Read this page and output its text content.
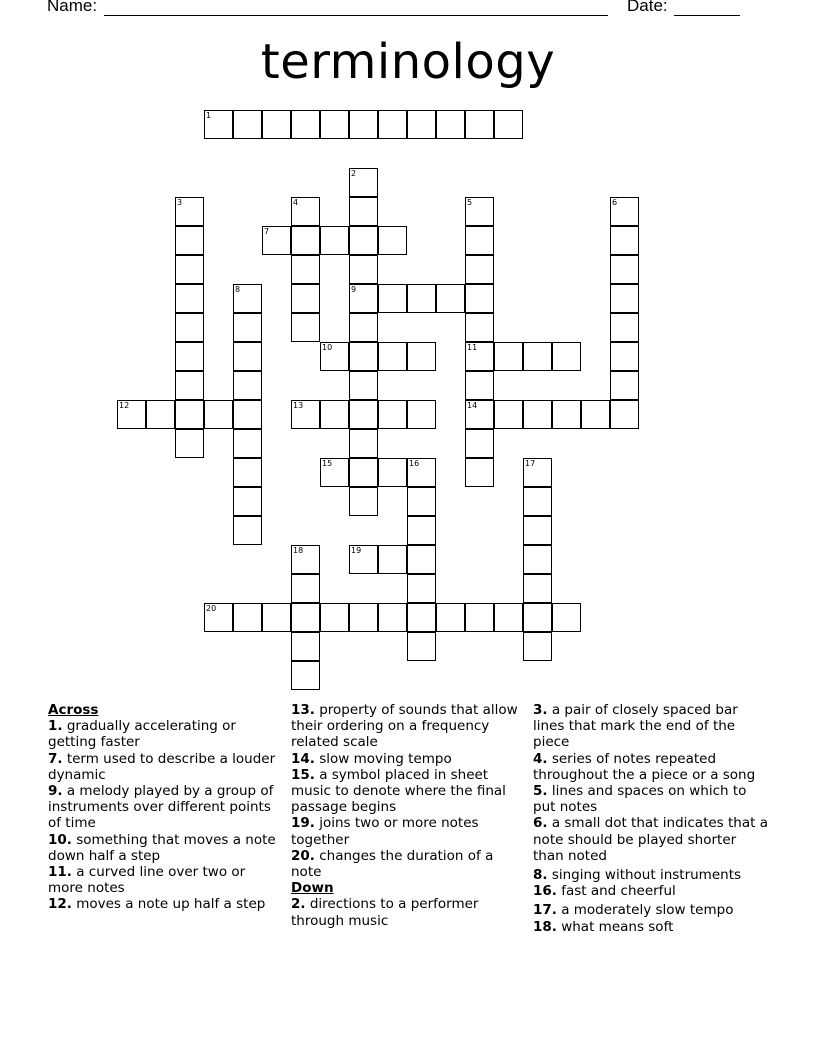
Name:	Date:
terminology
1
2
3	4	5	6
7
8	9
10	11
12	13	14
15	16	17
18	19
20
Across
1. gradually accelerating or getting faster
7. term used to describe a louder dynamic
9. a melody played by a group of instruments over different points of time
10. something that moves a note down half a step
11. a curved line over two or more notes
12. moves a note up half a step
13. property of sounds that allow their ordering on a frequency related scale
14. slow moving tempo
15. a symbol placed in sheet music to denote where the final passage begins
19. joins two or more notes together
20. changes the duration of a note
Down
2. directions to a performer through music
3. a pair of closely spaced bar lines that mark the end of the piece
4. series of notes repeated throughout the a piece or a song
5. lines and spaces on which to put notes
6. a small dot that indicates that a note should be played shorter than noted
8. singing without instruments
16. fast and cheerful
17. a moderately slow tempo
18. what means soft
